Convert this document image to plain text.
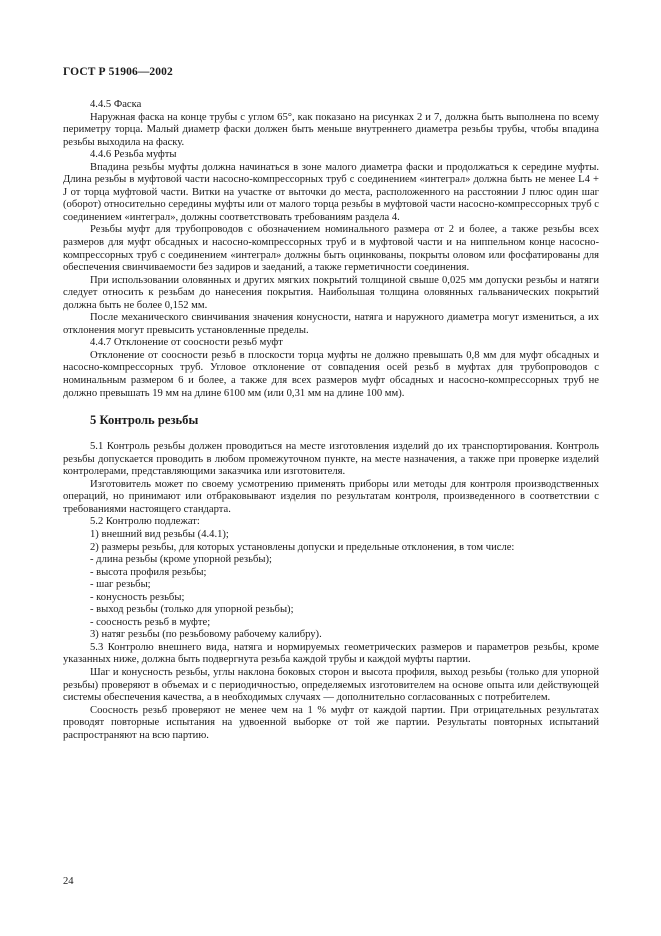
ГОСТ Р 51906—2002

4.4.5 Фаска

Наружная фаска на конце трубы с углом 65°, как показано на рисунках 2 и 7, должна быть выполнена по всему периметру торца. Малый диаметр фаски должен быть меньше внутреннего диаметра резьбы трубы, чтобы впадина резьбы выходила на фаску.

4.4.6 Резьба муфты

Впадина резьбы муфты должна начинаться в зоне малого диаметра фаски и продолжаться к середине муфты. Длина резьбы в муфтовой части насосно-компрессорных труб с соединением «интеграл» должна быть не менее L4 + J от торца муфтовой части. Витки на участке от выточки до места, расположенного на расстоянии J плюс один шаг (оборот) относительно середины муфты или от малого торца резьбы в муфтовой части насосно-компрессорных труб с соединением «интеграл», должны соответствовать требованиям раздела 4.

Резьбы муфт для трубопроводов с обозначением номинального размера от 2 и более, а также резьбы всех размеров для муфт обсадных и насосно-компрессорных труб и в муфтовой части и на ниппельном конце насосно-компрессорных труб с соединением «интеграл» должны быть оцинкованы, покрыты оловом или фосфатированы для обеспечения свинчиваемости без задиров и заеданий, а также герметичности соединения.

При использовании оловянных и других мягких покрытий толщиной свыше 0,025 мм допуски резьбы и натяги следует относить к резьбам до нанесения покрытия. Наибольшая толщина оловянных гальванических покрытий должна быть не более 0,152 мм.

После механического свинчивания значения конусности, натяга и наружного диаметра могут измениться, а их отклонения могут превысить установленные пределы.

4.4.7 Отклонение от соосности резьб муфт

Отклонение от соосности резьб в плоскости торца муфты не должно превышать 0,8 мм для муфт обсадных и насосно-компрессорных труб. Угловое отклонение от совпадения осей резьб в муфтах для трубопроводов с номинальным размером 6 и более, а также для всех размеров муфт обсадных и насосно-компрессорных труб не должно превышать 19 мм на длине 6100 мм (или 0,31 мм на длине 100 мм).

5 Контроль резьбы

5.1 Контроль резьбы должен проводиться на месте изготовления изделий до их транспортирования. Контроль резьбы допускается проводить в любом промежуточном пункте, на месте назначения, а также при проверке изделий контролерами, представляющими заказчика или изготовителя.

Изготовитель может по своему усмотрению применять приборы или методы для контроля производственных операций, но принимают или отбраковывают изделия по результатам контроля, произведенного в соответствии с требованиями настоящего стандарта.

5.2 Контролю подлежат:

1) внешний вид резьбы (4.4.1);

2) размеры резьбы, для которых установлены допуски и предельные отклонения, в том числе:

- длина резьбы (кроме упорной резьбы);

- высота профиля резьбы;

- шаг резьбы;

- конусность резьбы;

- выход резьбы (только для упорной резьбы);

- соосность резьб в муфте;

3) натяг резьбы (по резьбовому рабочему калибру).

5.3 Контролю внешнего вида, натяга и нормируемых геометрических размеров и параметров резьбы, кроме указанных ниже, должна быть подвергнута резьба каждой трубы и каждой муфты партии.

Шаг и конусность резьбы, углы наклона боковых сторон и высота профиля, выход резьбы (только для упорной резьбы) проверяют в объемах и с периодичностью, определяемых изготовителем на основе опыта или действующей системы обеспечения качества, а в необходимых случаях — дополнительно согласованных с потребителем.

Соосность резьб проверяют не менее чем на 1 % муфт от каждой партии. При отрицательных результатах проводят повторные испытания на удвоенной выборке от той же партии. Результаты повторных испытаний распространяют на всю партию.

24
